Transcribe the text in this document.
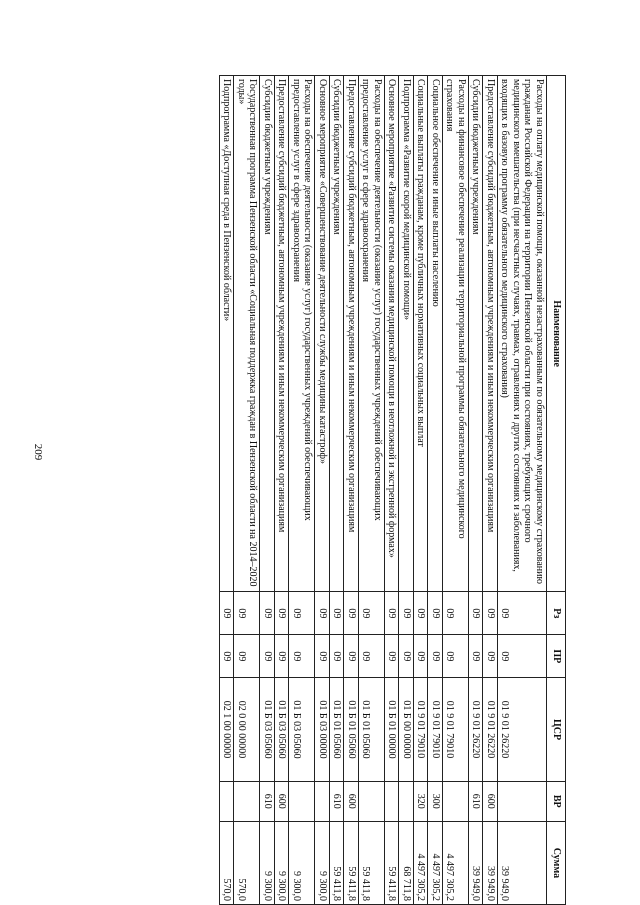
209
Наименование	Рз	ПР	ЦСР	ВР	Сумма
Расходы на оплату медицинской помощи, оказанной незастрахованным по обязательному медицинскому страхованию гражданам Российской Федерации на территории Пензенской области при состояниях, требующих срочного медицинского вмешательства (при несчастных случаях, травмах, отравлениях и других состояниях и заболеваниях, входящих в базовую программу обязательного медицинского страхования)	09	09	01 9 01 26220		39 949,0
Предоставление субсидий бюджетным, автономным учреждениям и иным некоммерческим организациям	09	09	01 9 01 26220	600	39 949,0
Субсидии бюджетным учреждениям	09	09	01 9 01 26220	610	39 949,0
Расходы на финансовое обеспечение реализации территориальной программы обязательного медицинского страхования	09	09	01 9 01 79010		4 497 305,2
Социальное обеспечение и иные выплаты населению	09	09	01 9 01 79010	300	4 497 305,2
Социальные выплаты гражданам, кроме публичных нормативных социальных выплат	09	09	01 9 01 79010	320	4 497 305,2
Подпрограмма «Развитие скорой медицинской помощи»	09	09	01 Б 00 00000		68 711,8
Основное мероприятие «Развитие системы оказания медицинской помощи в неотложной и экстренной формах»	09	09	01 Б 01 00000		59 411,8
Расходы на обеспечение деятельности (оказание услуг) государственных учреждений обеспечивающих предоставление услуг в сфере здравоохранения	09	09	01 Б 01 05060		59 411,8
Предоставление субсидий бюджетным, автономным учреждениям и иным некоммерческим организациям	09	09	01 Б 01 05060	600	59 411,8
Субсидии бюджетным учреждениям	09	09	01 Б 01 05060	610	59 411,8
Основное мероприятие «Совершенствование деятельности службы медицины катастроф»	09	09	01 Б 03 00000		9 300,0
Расходы на обеспечение деятельности (оказание услуг) государственных учреждений обеспечивающих предоставление услуг в сфере здравоохранения	09	09	01 Б 03 05060		9 300,0
Предоставление субсидий бюджетным, автономным учреждениям и иным некоммерческим организациям	09	09	01 Б 03 05060	600	9 300,0
Субсидии бюджетным учреждениям	09	09	01 Б 03 05060	610	9 300,0
Государственная программа Пензенской области «Социальная поддержка граждан в Пензенской области на 2014–2020 годы»	09	09	02 0 00 00000		570,0
Подпрограмма «Доступная среда в Пензенской области»	09	09	02 1 00 00000		570,0
